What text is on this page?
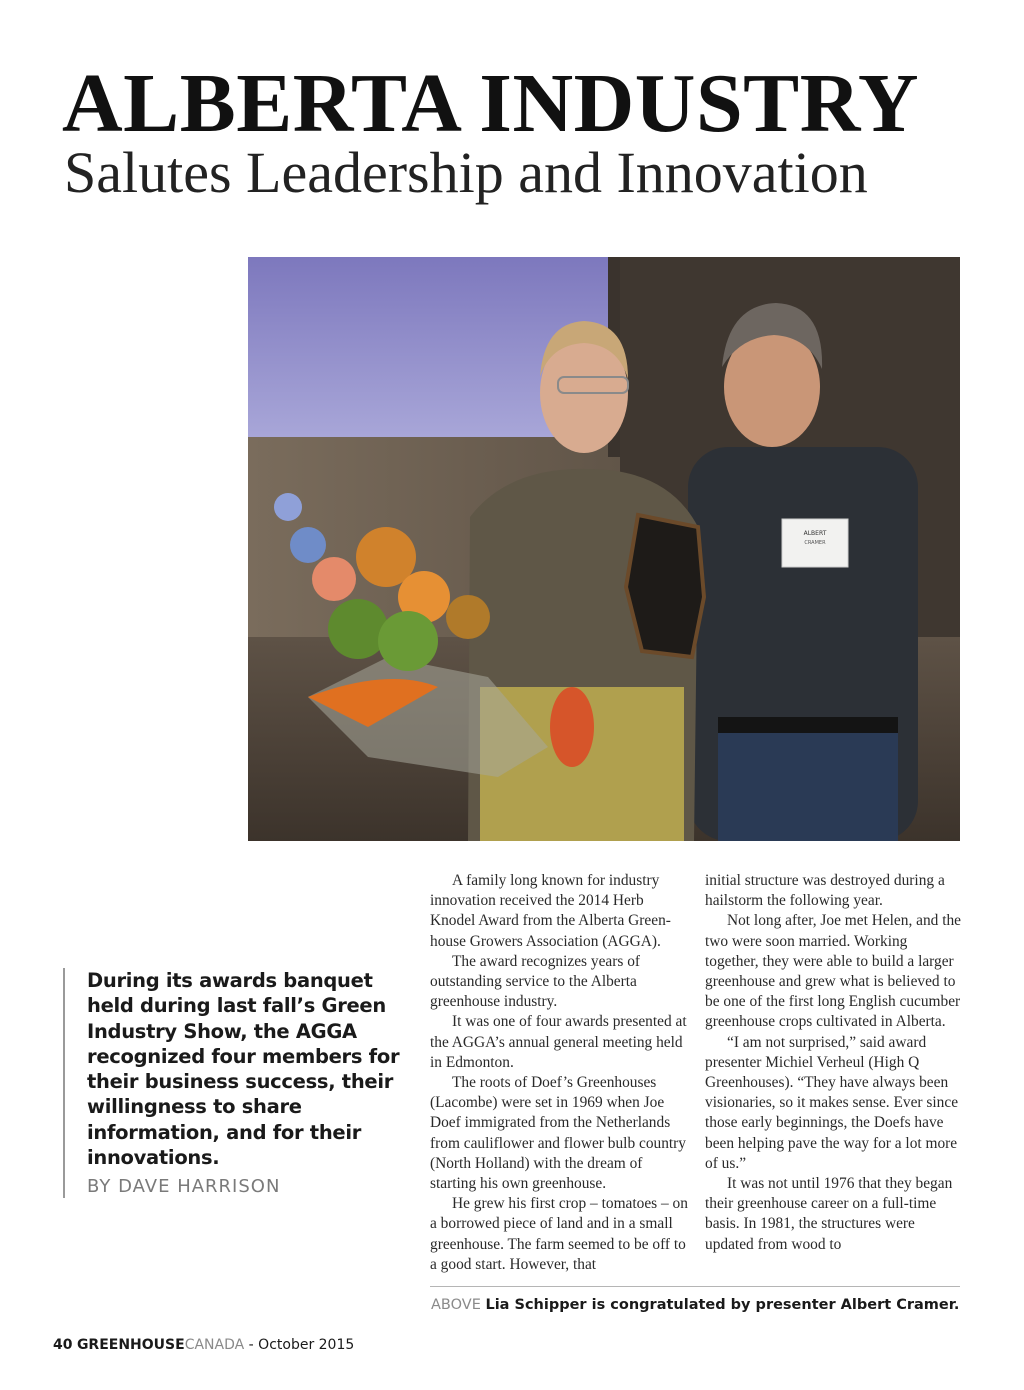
ALBERTA INDUSTRY
Salutes Leadership and Innovation
ALBERT
CRAMER

During its awards banquet held during last fall’s Green Industry Show, the AGGA recognized four members for their business success, their willingness to share information, and for their innovations.

BY DAVE HARRISON

A family long known for industry innovation received the 2014 Herb Knodel Award from the Alberta Greenhouse Growers Association (AGGA).

The award recognizes years of outstanding service to the Alberta greenhouse industry.

It was one of four awards presented at the AGGA’s annual general meeting held in Edmonton.

The roots of Doef’s Greenhouses (Lacombe) were set in 1969 when Joe Doef immigrated from the Netherlands from cauliflower and flower bulb country (North Holland) with the dream of starting his own greenhouse.

He grew his first crop – tomatoes – on a borrowed piece of land and in a small greenhouse. The farm seemed to be off to a good start. However, that

initial structure was destroyed during a hailstorm the following year.

Not long after, Joe met Helen, and the two were soon married. Working together, they were able to build a larger greenhouse and grew what is believed to be one of the first long English cucumber greenhouse crops cultivated in Alberta.

“I am not surprised,” said award presenter Michiel Verheul (High Q Greenhouses). “They have always been visionaries, so it makes sense. Ever since those early beginnings, the Doefs have been helping pave the way for a lot more of us.”

It was not until 1976 that they began their greenhouse career on a full-time basis. In 1981, the structures were updated from wood to

ABOVE Lia Schipper is congratulated by presenter Albert Cramer.
40 GREENHOUSECANADA - October 2015
